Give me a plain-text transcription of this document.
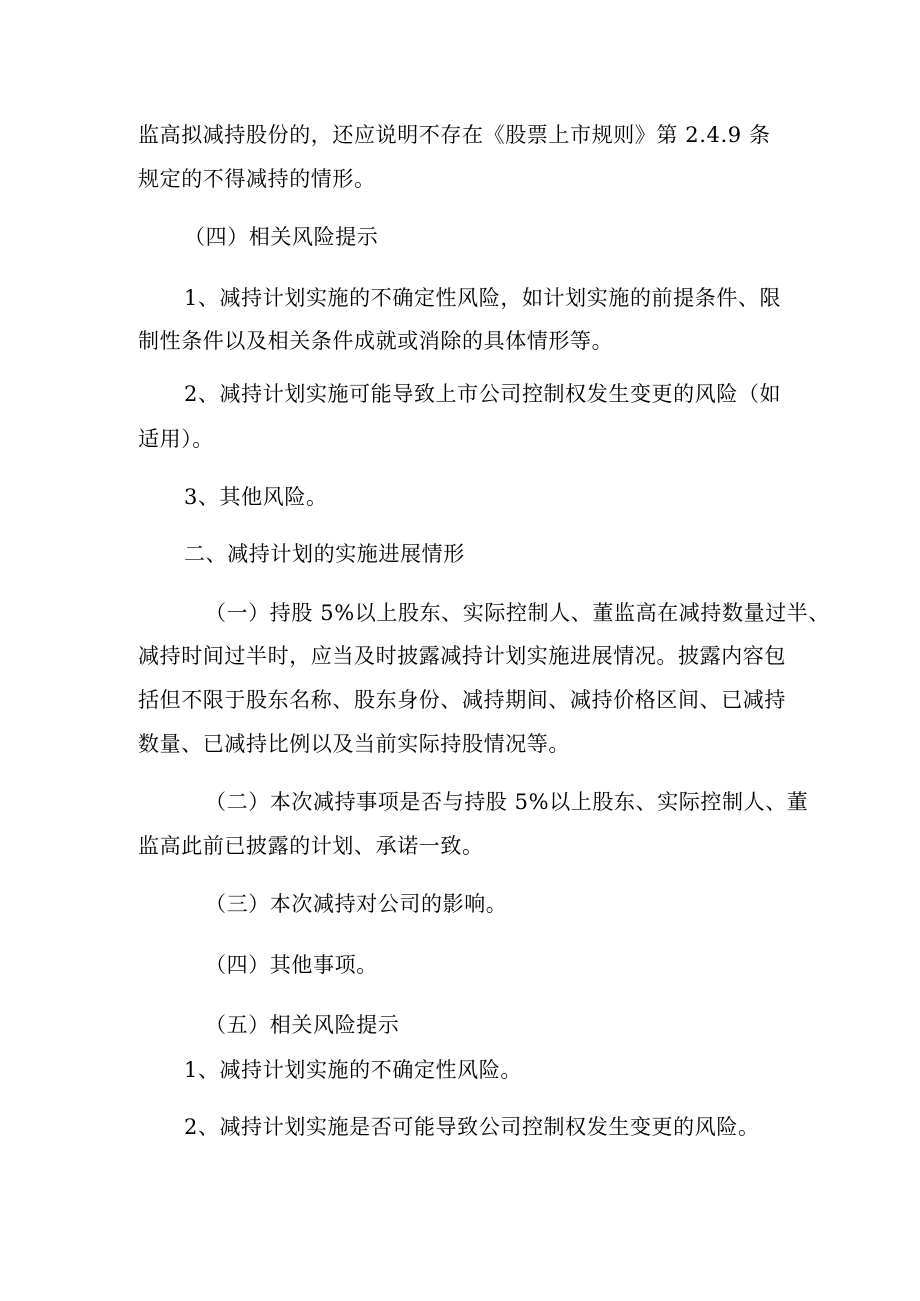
监高拟减持股份的，还应说明不存在《股票上市规则》第 2.4.9 条
规定的不得减持的情形。
（四）相关风险提示
1、减持计划实施的不确定性风险，如计划实施的前提条件、限
制性条件以及相关条件成就或消除的具体情形等。
2、减持计划实施可能导致上市公司控制权发生变更的风险（如
适用）。
3、其他风险。
二、减持计划的实施进展情形
（一）持股 5%以上股东、实际控制人、董监高在减持数量过半、
减持时间过半时，应当及时披露减持计划实施进展情况。披露内容包
括但不限于股东名称、股东身份、减持期间、减持价格区间、已减持
数量、已减持比例以及当前实际持股情况等。
（二）本次减持事项是否与持股 5%以上股东、实际控制人、董
监高此前已披露的计划、承诺一致。
（三）本次减持对公司的影响。
（四）其他事项。
（五）相关风险提示
1、减持计划实施的不确定性风险。
2、减持计划实施是否可能导致公司控制权发生变更的风险。
